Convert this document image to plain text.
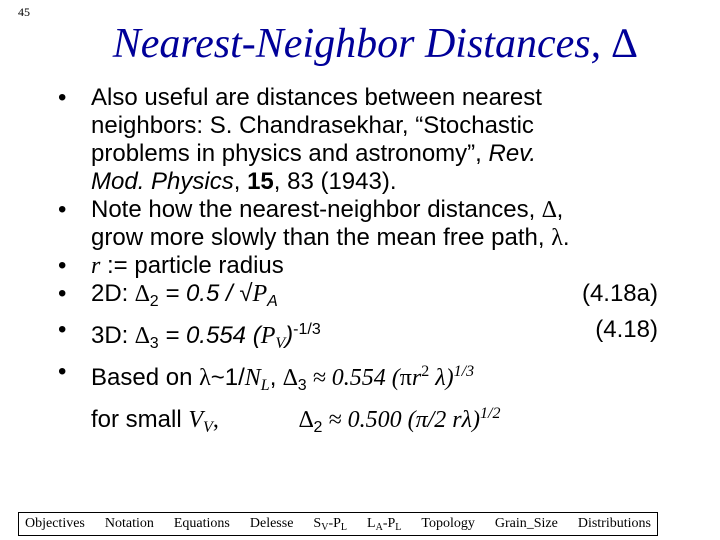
45
Nearest-Neighbor Distances, ∆
• Also useful are distances between nearest
neighbors: S. Chandrasekhar, “Stochastic
problems in physics and astronomy”, Rev.
Mod. Physics, 15, 83 (1943).
• Note how the nearest-neighbor distances, ∆,
grow more slowly than the mean free path, λ.
• r := particle radius
• 2D: $\Delta_2 = 0.5 / √P_A$	(4.18a)
• 3D: $\Delta_3 = 0.554$ $(P_V)^{-1/3}$	(4.18)
• Based on $\lambda\sim 1/N_L$, $\Delta_3 \approx 0.554$ ($\pi r^2$ λ)$^{1/3}$
for small $V_V$,	$\Delta_2 \approx 0.500$ (π/2 rλ)$^{1/2}$
Objectives Notation Equations Delesse $S_V-P_L$ $L_A-P_L$ Topology Grain_Size Distributions
